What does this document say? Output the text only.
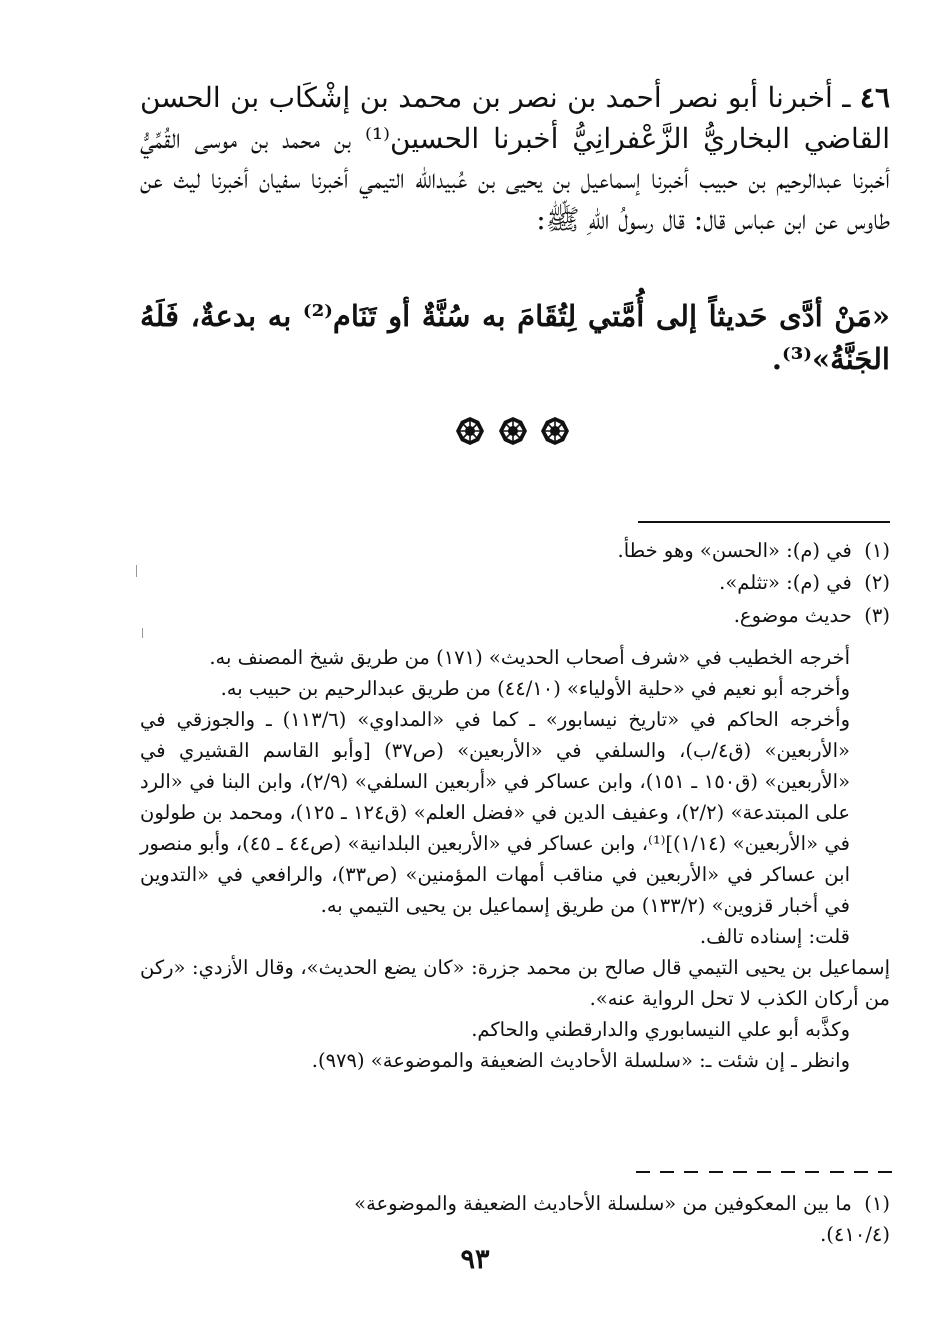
٤٦ ـ أخبرنا أبو نصر أحمد بن نصر بن محمد بن إشْكَاب بن الحسن القاضي البخاريُّ الزَّعْفرانِيُّ أخبرنا الحسين⁽¹⁾ بن محمد بن موسى القُمِّيُّ أخبرنا عبدالرحيم بن حبيب أخبرنا إسماعيل بن يحيى بن عُبيدالله التيمي أخبرنا سفيان أخبرنا ليث عن طاوس عن ابن عباس قال: قال رسولُ اللّهِ ﷺ:
«مَنْ أدَّى حَديثاً إلى أُمَّتي لِتُقَامَ به سُنَّةٌ أو تَنَام⁽²⁾ به بدعةٌ، فَلَهُ الجَنَّةُ»⁽³⁾.
(١) في (م): «الحسن» وهو خطأ.
(٢) في (م): «تثلم».
(٣) حديث موضوع.

أخرجه الخطيب في «شرف أصحاب الحديث» (١٧١) من طريق شيخ المصنف به.

وأخرجه أبو نعيم في «حلية الأولياء» (٤٤/١٠) من طريق عبدالرحيم بن حبيب به.

وأخرجه الحاكم في «تاريخ نيسابور» ـ كما في «المداوي» (١١٣/٦) ـ والجوزقي في «الأربعين» (ق٤/ب)، والسلفي في «الأربعين» (ص٣٧) [وأبو القاسم القشيري في «الأربعين» (ق١٥٠ ـ ١٥١)، وابن عساكر في «أربعين السلفي» (٢/٩)، وابن البنا في «الرد على المبتدعة» (٢/٢)، وعفيف الدين في «فضل العلم» (ق١٢٤ ـ ١٢٥)، ومحمد بن طولون في «الأربعين» (١/١٤)]⁽¹⁾، وابن عساكر في «الأربعين البلدانية» (ص٤٤ ـ ٤٥)، وأبو منصور ابن عساكر في «الأربعين في مناقب أمهات المؤمنين» (ص٣٣)، والرافعي في «التدوين في أخبار قزوين» (١٣٣/٢) من طريق إسماعيل بن يحيى التيمي به.

قلت: إسناده تالف.

إسماعيل بن يحيى التيمي قال صالح بن محمد جزرة: «كان يضع الحديث»، وقال الأزدي: «ركن من أركان الكذب لا تحل الرواية عنه».

وكذَّبه أبو علي النيسابوري والدارقطني والحاكم.

وانظر ـ إن شئت ـ: «سلسلة الأحاديث الضعيفة والموضوعة» (٩٧٩).

(١) ما بين المعكوفين من «سلسلة الأحاديث الضعيفة والموضوعة» (٤١٠/٤).
٩٣
